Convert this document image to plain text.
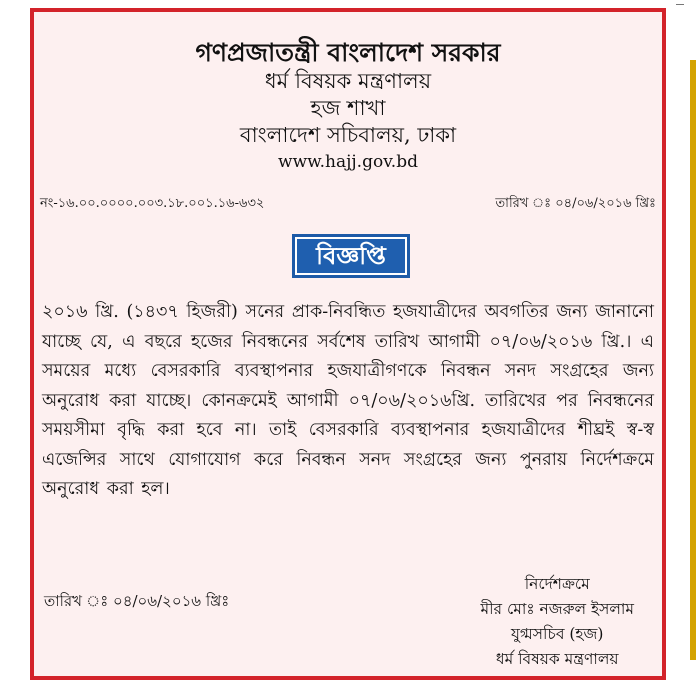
গণপ্রজাতন্ত্রী বাংলাদেশ সরকার
ধর্ম বিষয়ক মন্ত্রণালয়
হজ শাখা
বাংলাদেশ সচিবালয়, ঢাকা
www.hajj.gov.bd
নং-১৬.০০.০০০০.০০৩.১৮.০০১.১৬-৬৩২	তারিখ ঃ ০৪/০৬/২০১৬ খ্রিঃ
বিজ্ঞপ্তি
২০১৬ খ্রি. (১৪৩৭ হিজরী) সনের প্রাক-নিবন্ধিত হজযাত্রীদের অবগতির জন্য জানানো যাচ্ছে যে, এ বছরে হজের নিবন্ধনের সর্বশেষ তারিখ আগামী ০৭/০৬/২০১৬ খ্রি.। এ সময়ের মধ্যে বেসরকারি ব্যবস্থাপনার হজযাত্রীগণকে নিবন্ধন সনদ সংগ্রহের জন্য অনুরোধ করা যাচ্ছে। কোনক্রমেই আগামী ০৭/০৬/২০১৬খ্রি. তারিখের পর নিবন্ধনের সময়সীমা বৃদ্ধি করা হবে না। তাই বেসরকারি ব্যবস্থাপনার হজযাত্রীদের শীঘ্রই স্ব-স্ব এজেন্সির সাথে যোগাযোগ করে নিবন্ধন সনদ সংগ্রহের জন্য পুনরায় নির্দেশক্রমে অনুরোধ করা হল।
তারিখ ঃ ০৪/০৬/২০১৬ খ্রিঃ
নির্দেশক্রমে
মীর মোঃ নজরুল ইসলাম
যুগ্মসচিব (হজ)
ধর্ম বিষয়ক মন্ত্রণালয়
